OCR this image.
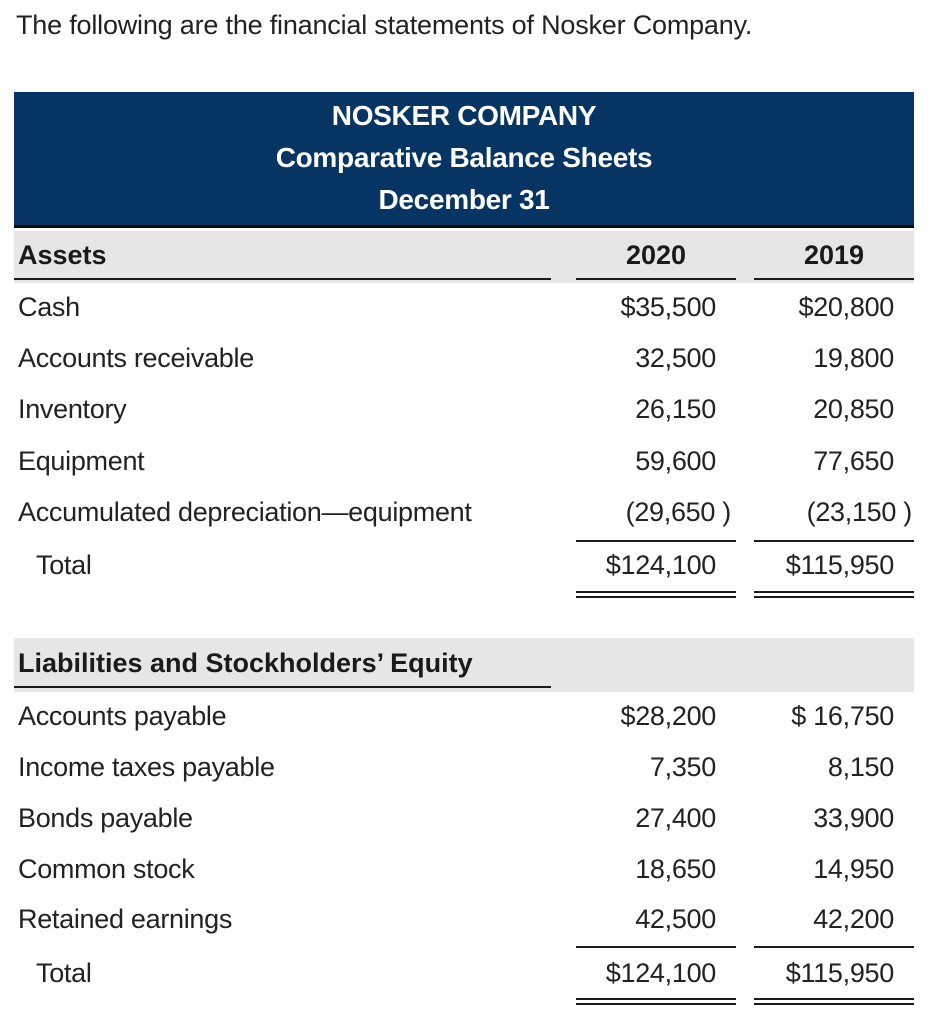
The following are the financial statements of Nosker Company.
NOSKER COMPANY
Comparative Balance Sheets
December 31
Assets	2020	2019
Cash	$35,500	$20,800
Accounts receivable	32,500	19,800
Inventory	26,150	20,850
Equipment	59,600	77,650
Accumulated depreciation—equipment	(29,650 )	(23,150 )
Total	$124,100	$115,950
Liabilities and Stockholders’ Equity
Accounts payable	$28,200	$ 16,750
Income taxes payable	7,350	8,150
Bonds payable	27,400	33,900
Common stock	18,650	14,950
Retained earnings	42,500	42,200
Total	$124,100	$115,950
